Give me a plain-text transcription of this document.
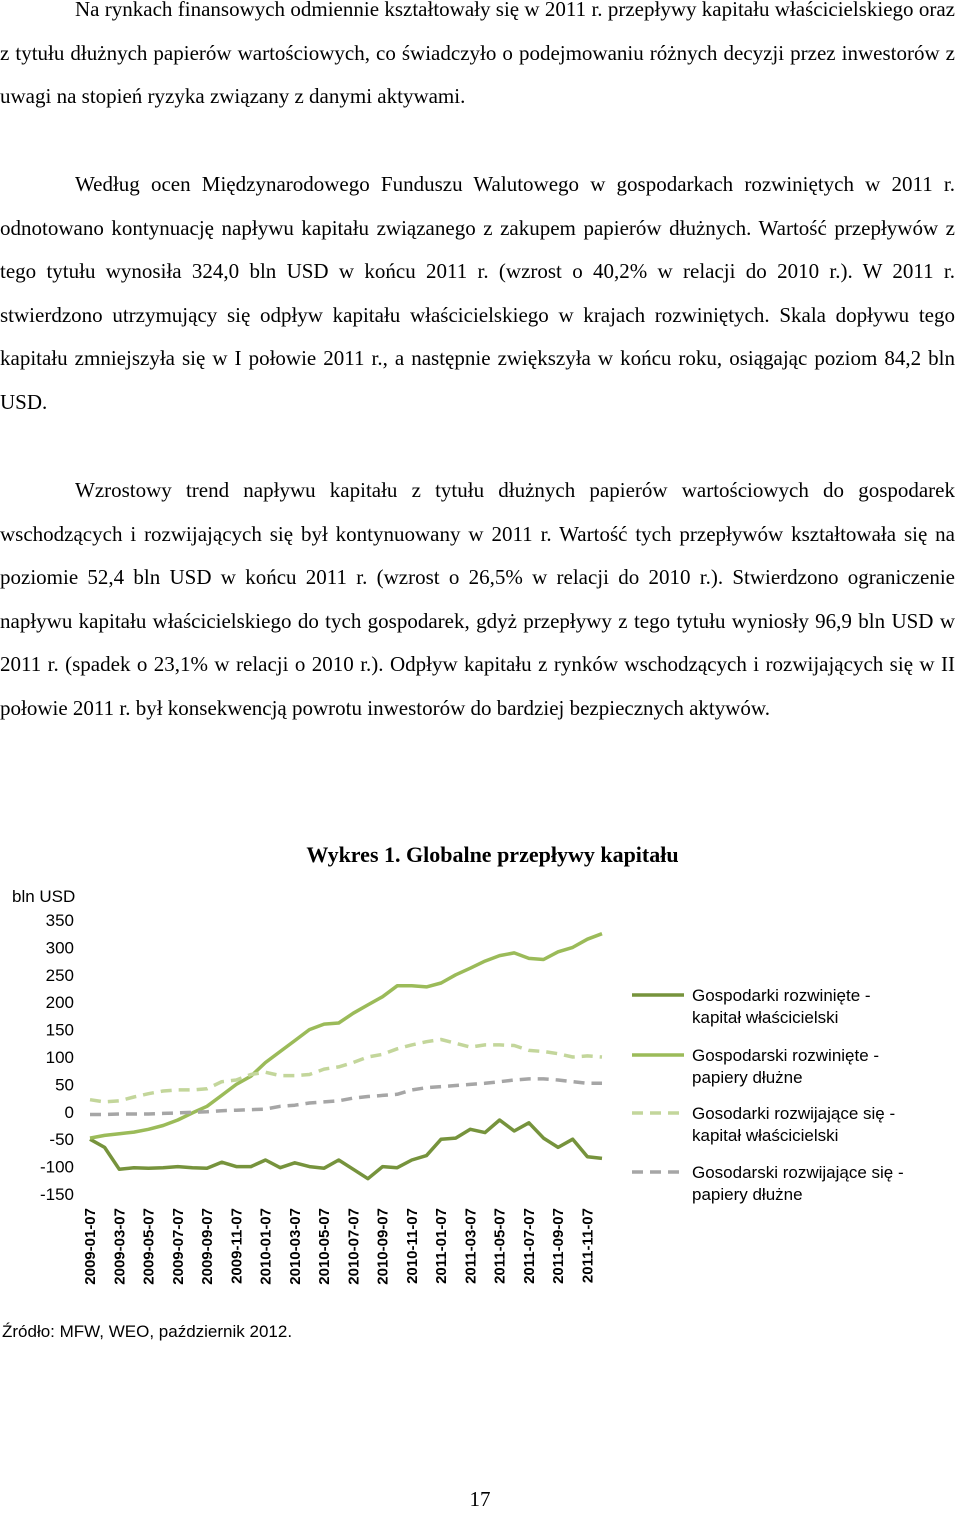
Na rynkach finansowych odmiennie kształtowały się w 2011 r. przepływy kapitału właścicielskiego oraz z tytułu dłużnych papierów wartościowych, co świadczyło o podejmowaniu różnych decyzji przez inwestorów z uwagi na stopień ryzyka związany z danymi aktywami.

Według ocen Międzynarodowego Funduszu Walutowego w gospodarkach rozwiniętych w 2011 r. odnotowano kontynuację napływu kapitału związanego z zakupem papierów dłużnych. Wartość przepływów z tego tytułu wynosiła 324,0 bln USD w końcu 2011 r. (wzrost o 40,2% w relacji do 2010 r.). W 2011 r. stwierdzono utrzymujący się odpływ kapitału właścicielskiego w krajach rozwiniętych. Skala dopływu tego kapitału zmniejszyła się w I połowie 2011 r., a następnie zwiększyła w końcu roku, osiągając poziom 84,2 bln USD.

Wzrostowy trend napływu kapitału z tytułu dłużnych papierów wartościowych do gospodarek wschodzących i rozwijających się był kontynuowany w 2011 r. Wartość tych przepływów kształtowała się na poziomie 52,4 bln USD w końcu 2011 r. (wzrost o 26,5% w relacji do 2010 r.). Stwierdzono ograniczenie napływu kapitału właścicielskiego do tych gospodarek, gdyż przepływy z tego tytułu wyniosły 96,9 bln USD w 2011 r. (spadek o 23,1% w relacji o 2010 r.). Odpływ kapitału z rynków wschodzących i rozwijających się w II połowie 2011 r. był konsekwencją powrotu inwestorów do bardziej bezpiecznych aktywów.

Wykres 1. Globalne przepływy kapitału
bln USD
350
300
250
200
150
100
50
0
-50
-100
-150
2009-01-07 2009-03-07 2009-05-07 2009-07-07 2009-09-07 2009-11-07 2010-01-07 2010-03-07 2010-05-07 2010-07-07 2010-09-07 2010-11-07 2011-01-07 2011-03-07 2011-05-07 2011-07-07 2011-09-07 2011-11-07
Gospodarki rozwinięte -
kapitał właścicielski
Gospodarski rozwinięte -
papiery dłużne
Gosodarki rozwijające się -
kapitał właścicielski
Gosodarski rozwijające się -
papiery dłużne
Źródło: MFW, WEO, październik 2012.
17
